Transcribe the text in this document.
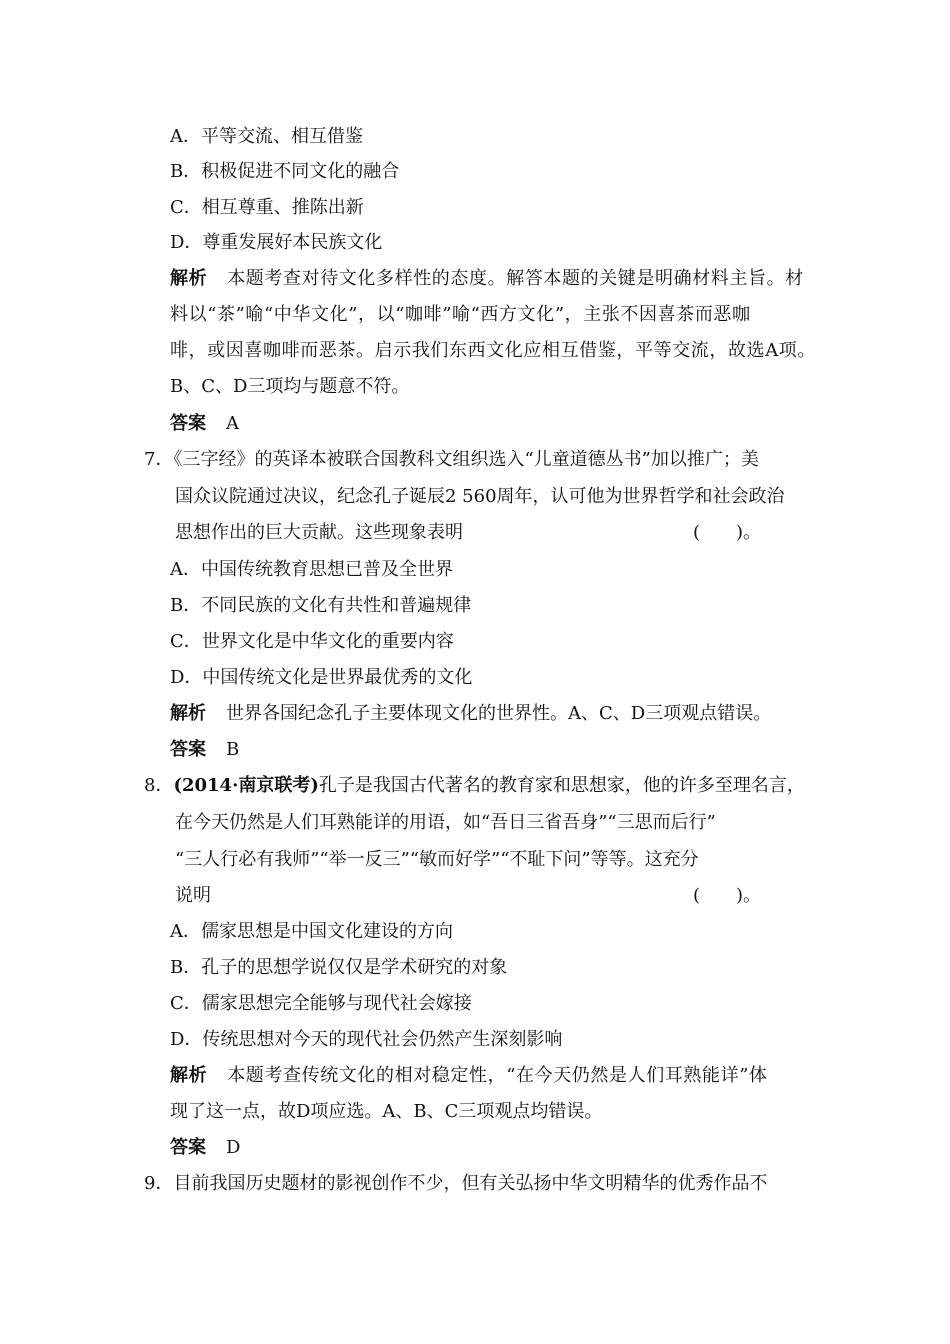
A．平等交流、相互借鉴
B．积极促进不同文化的融合
C．相互尊重、推陈出新
D．尊重发展好本民族文化
解析 本题考查对待文化多样性的态度。解答本题的关键是明确材料主旨。材
料以“茶”喻“中华文化”，以“咖啡”喻“西方文化”，主张不因喜茶而恶咖
啡，或因喜咖啡而恶茶。启示我们东西文化应相互借鉴，平等交流，故选A项。
B、C、D三项均与题意不符。
答案 A
7．《三字经》的英译本被联合国教科文组织选入“儿童道德丛书”加以推广；美
国众议院通过决议，纪念孔子诞辰2 560周年，认可他为世界哲学和社会政治
思想作出的巨大贡献。这些现象表明	(　　)。
A．中国传统教育思想已普及全世界
B．不同民族的文化有共性和普遍规律
C．世界文化是中华文化的重要内容
D．中国传统文化是世界最优秀的文化
解析 世界各国纪念孔子主要体现文化的世界性。A、C、D三项观点错误。
答案 B
8．(2014·南京联考)孔子是我国古代著名的教育家和思想家，他的许多至理名言，
在今天仍然是人们耳熟能详的用语，如“吾日三省吾身”“三思而后行”
“三人行必有我师”“举一反三”“敏而好学”“不耻下问”等等。这充分
说明	(　　)。
A．儒家思想是中国文化建设的方向
B．孔子的思想学说仅仅是学术研究的对象
C．儒家思想完全能够与现代社会嫁接
D．传统思想对今天的现代社会仍然产生深刻影响
解析 本题考查传统文化的相对稳定性，“在今天仍然是人们耳熟能详”体
现了这一点，故D项应选。A、B、C三项观点均错误。
答案 D
9．目前我国历史题材的影视创作不少，但有关弘扬中华文明精华的优秀作品不
